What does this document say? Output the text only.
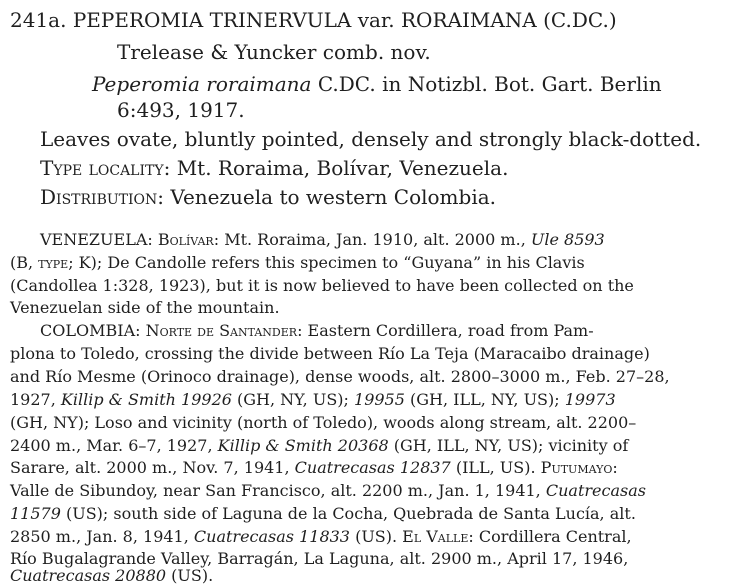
241a. PEPEROMIA TRINERVULA var. RORAIMANA (C.DC.)
Trelease & Yuncker comb. nov.
Peperomia roraimana C.DC. in Notizbl. Bot. Gart. Berlin
6:493, 1917.
Leaves ovate, bluntly pointed, densely and strongly black-dotted.
Type locality: Mt. Roraima, Bolívar, Venezuela.
Distribution: Venezuela to western Colombia.
VENEZUELA: Bolívar: Mt. Roraima, Jan. 1910, alt. 2000 m., Ule 8593
(B, type; K); De Candolle refers this specimen to “Guyana” in his Clavis
(Candollea 1:328, 1923), but it is now believed to have been collected on the
Venezuelan side of the mountain.
COLOMBIA: Norte de Santander: Eastern Cordillera, road from Pam-
plona to Toledo, crossing the divide between Río La Teja (Maracaibo drainage)
and Río Mesme (Orinoco drainage), dense woods, alt. 2800–3000 m., Feb. 27–28,
1927, Killip & Smith 19926 (GH, NY, US); 19955 (GH, ILL, NY, US); 19973
(GH, NY); Loso and vicinity (north of Toledo), woods along stream, alt. 2200–
2400 m., Mar. 6–7, 1927, Killip & Smith 20368 (GH, ILL, NY, US); vicinity of
Sarare, alt. 2000 m., Nov. 7, 1941, Cuatrecasas 12837 (ILL, US). Putumayo:
Valle de Sibundoy, near San Francisco, alt. 2200 m., Jan. 1, 1941, Cuatrecasas
11579 (US); south side of Laguna de la Cocha, Quebrada de Santa Lucía, alt.
2850 m., Jan. 8, 1941, Cuatrecasas 11833 (US). El Valle: Cordillera Central,
Río Bugalagrande Valley, Barragán, La Laguna, alt. 2900 m., April 17, 1946,
Cuatrecasas 20880 (US).
